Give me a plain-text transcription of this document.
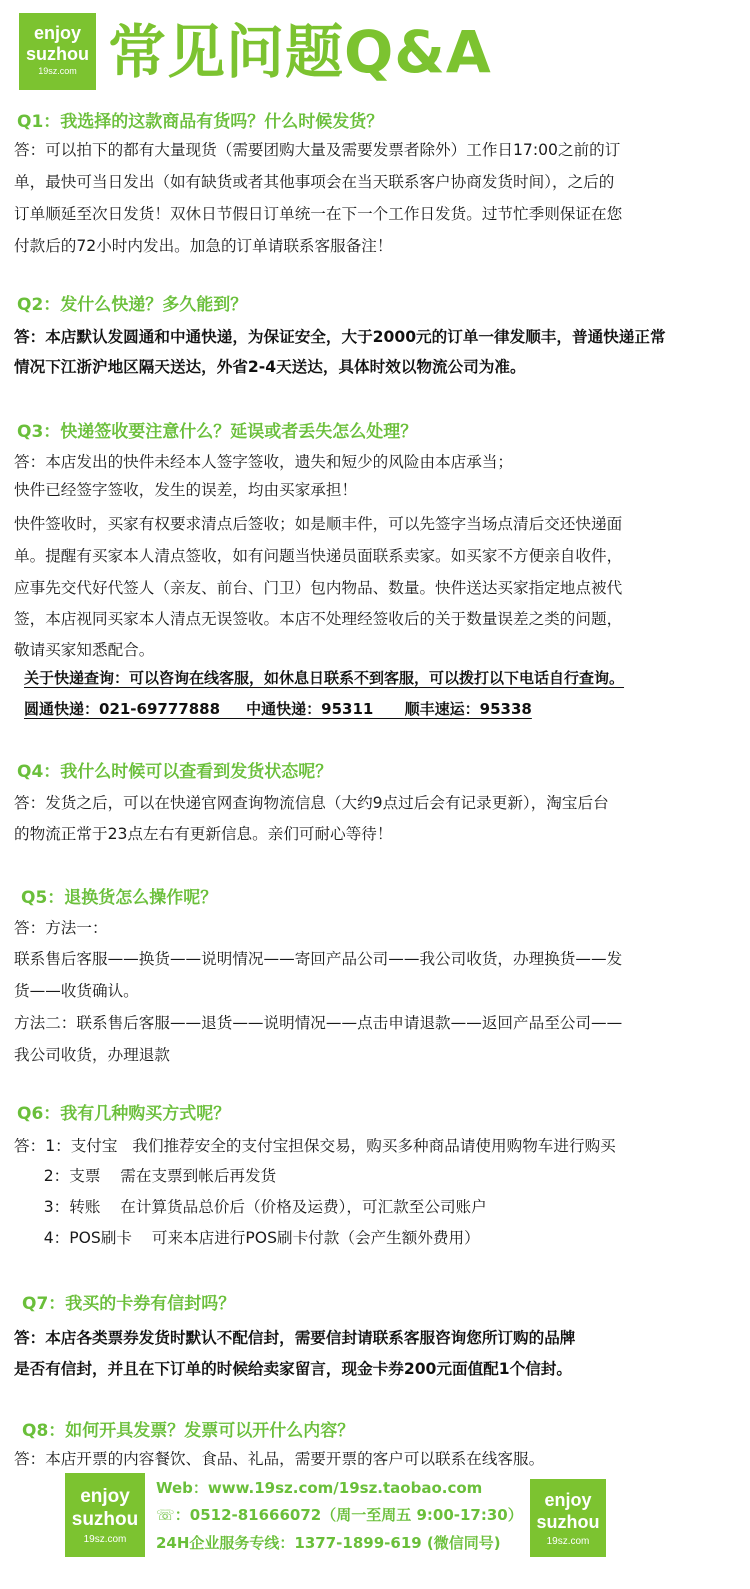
enjoy
suzhou
19sz.com 常见问题Q&A
Q1：我选择的这款商品有货吗？什么时候发货？
答：可以拍下的都有大量现货（需要团购大量及需要发票者除外）工作日17:00之前的订
单，最快可当日发出（如有缺货或者其他事项会在当天联系客户协商发货时间），之后的
订单顺延至次日发货！双休日节假日订单统一在下一个工作日发货。过节忙季则保证在您
付款后的72小时内发出。加急的订单请联系客服备注！
Q2：发什么快递？多久能到？
答：本店默认发圆通和中通快递，为保证安全，大于2000元的订单一律发顺丰，普通快递正常
情况下江浙沪地区隔天送达，外省2-4天送达，具体时效以物流公司为准。
Q3：快递签收要注意什么？延误或者丢失怎么处理？
答：本店发出的快件未经本人签字签收，遗失和短少的风险由本店承当；
快件已经签字签收，发生的误差，均由买家承担！
快件签收时，买家有权要求清点后签收；如是顺丰件，可以先签字当场点清后交还快递面
单。提醒有买家本人清点签收，如有问题当快递员面联系卖家。如买家不方便亲自收件，
应事先交代好代签人（亲友、前台、门卫）包内物品、数量。快件送达买家指定地点被代
签，本店视同买家本人清点无误签收。本店不处理经签收后的关于数量误差之类的问题，
敬请买家知悉配合。
关于快递查询：可以咨询在线客服，如休息日联系不到客服，可以拨打以下电话自行查询。
圆通快递：021-69777888     中通快递：95311      顺丰速运：95338
Q4：我什么时候可以查看到发货状态呢？
答：发货之后，可以在快递官网查询物流信息（大约9点过后会有记录更新），淘宝后台
的物流正常于23点左右有更新信息。亲们可耐心等待！
Q5：退换货怎么操作呢？
答：方法一：
联系售后客服——换货——说明情况——寄回产品公司——我公司收货，办理换货——发
货——收货确认。
方法二：联系售后客服——退货——说明情况——点击申请退款——返回产品至公司——
我公司收货，办理退款
Q6：我有几种购买方式呢？
答：1：支付宝   我们推荐安全的支付宝担保交易，购买多种商品请使用购物车进行购买
2：支票    需在支票到帐后再发货
3：转账    在计算货品总价后（价格及运费），可汇款至公司账户
4：POS刷卡    可来本店进行POS刷卡付款（会产生额外费用）
Q7：我买的卡券有信封吗？
答：本店各类票券发货时默认不配信封，需要信封请联系客服咨询您所订购的品牌
是否有信封，并且在下订单的时候给卖家留言，现金卡券200元面值配1个信封。
Q8：如何开具发票？发票可以开什么内容？
答：本店开票的内容餐饮、食品、礼品，需要开票的客户可以联系在线客服。
enjoy
suzhou
19sz.com
Web：www.19sz.com/19sz.taobao.com
☏：0512-81666072（周一至周五 9:00-17:30）
24H企业服务专线：1377-1899-619 (微信同号)
enjoy
suzhou
19sz.com
